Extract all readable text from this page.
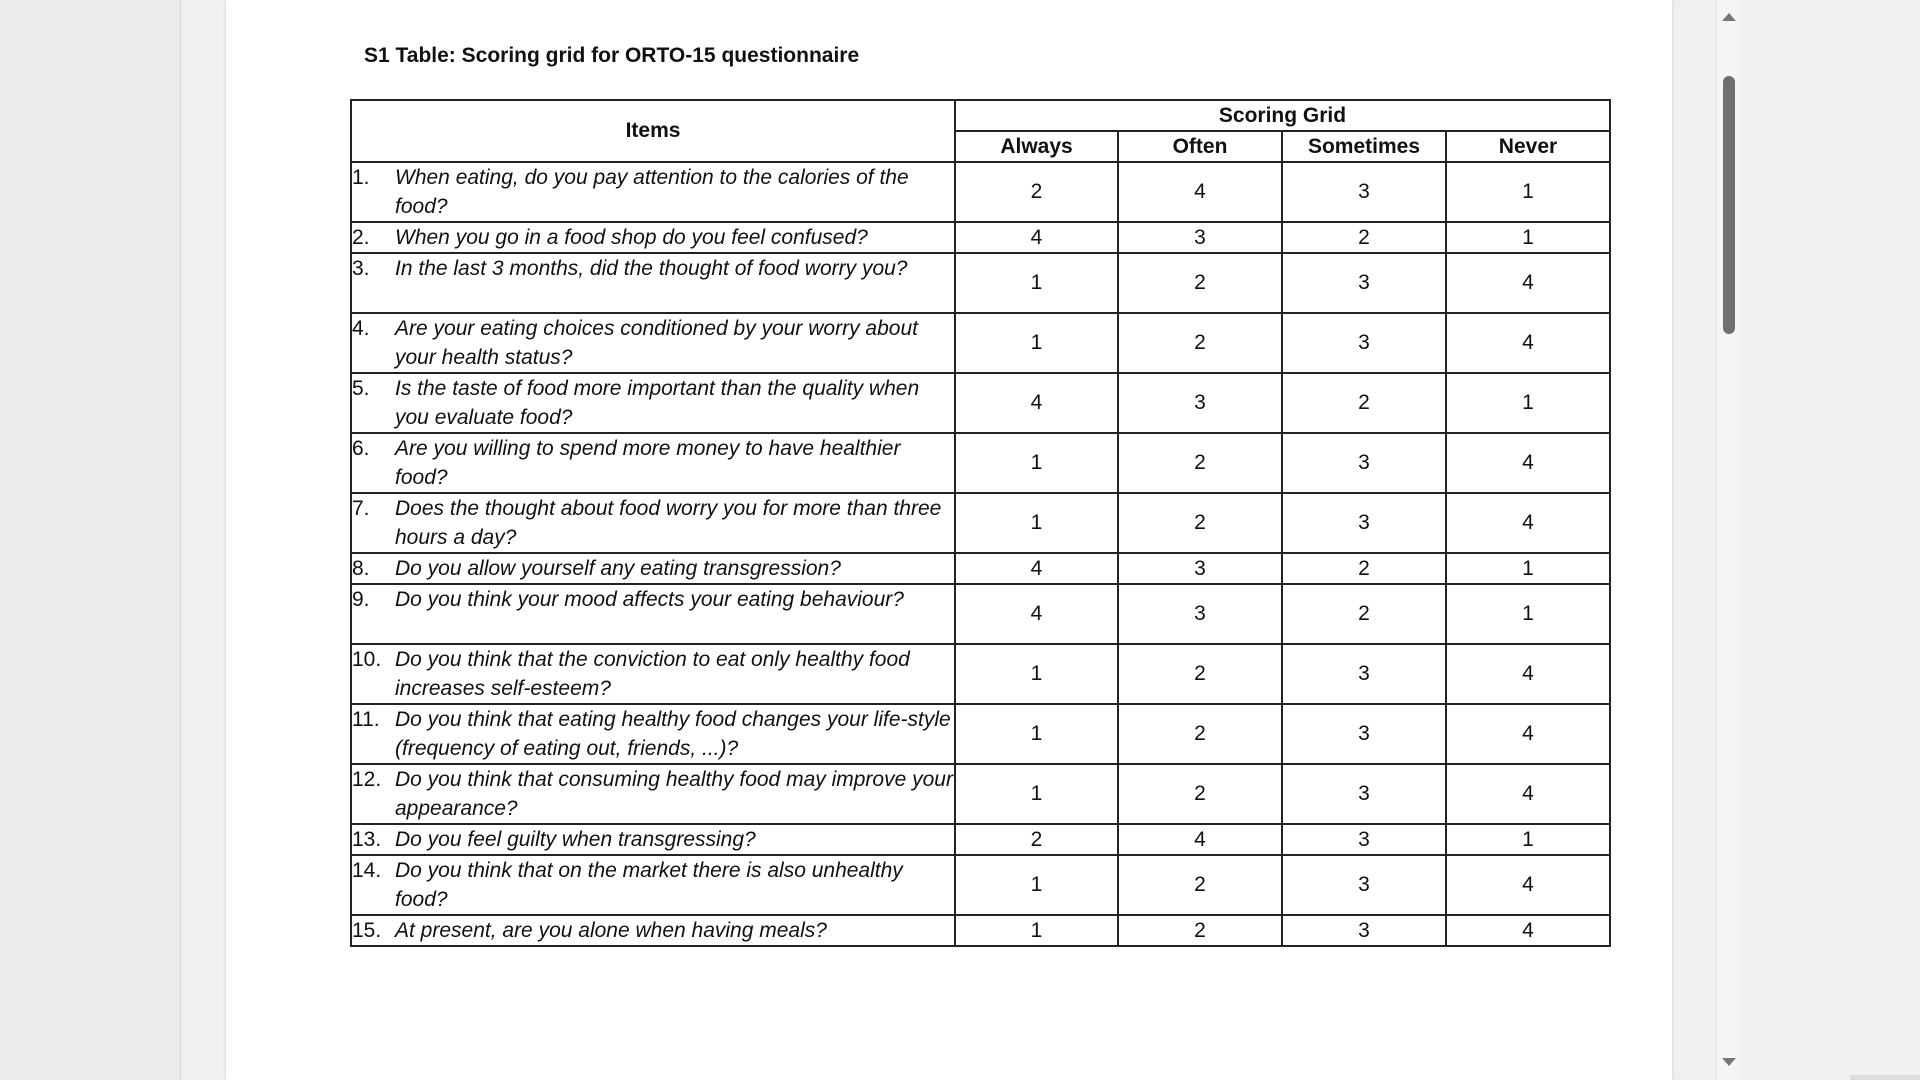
S1 Table: Scoring grid for ORTO-15 questionnaire
Items	Scoring Grid			
	Always	Often	Sometimes	Never

1. When eating, do you pay attention to the calories of the food?	2	4	3	1

2. When you go in a food shop do you feel confused?	4	3	2	1

3. In the last 3 months, did the thought of food worry you?	1	2	3	4

4. Are your eating choices conditioned by your worry about your health status?	1	2	3	4

5. Is the taste of food more important than the quality when you evaluate food?	4	3	2	1

6. Are you willing to spend more money to have healthier food?	1	2	3	4

7. Does the thought about food worry you for more than three hours a day?	1	2	3	4

8. Do you allow yourself any eating transgression?	4	3	2	1

9. Do you think your mood affects your eating behaviour?	4	3	2	1

10. Do you think that the conviction to eat only healthy food increases self-esteem?	1	2	3	4

11. Do you think that eating healthy food changes your life-style (frequency of eating out, friends, ...)?	1	2	3	4

12. Do you think that consuming healthy food may improve your appearance?	1	2	3	4

13. Do you feel guilty when transgressing?	2	4	3	1

14. Do you think that on the market there is also unhealthy food?	1	2	3	4

15. At present, are you alone when having meals?	1	2	3	4
